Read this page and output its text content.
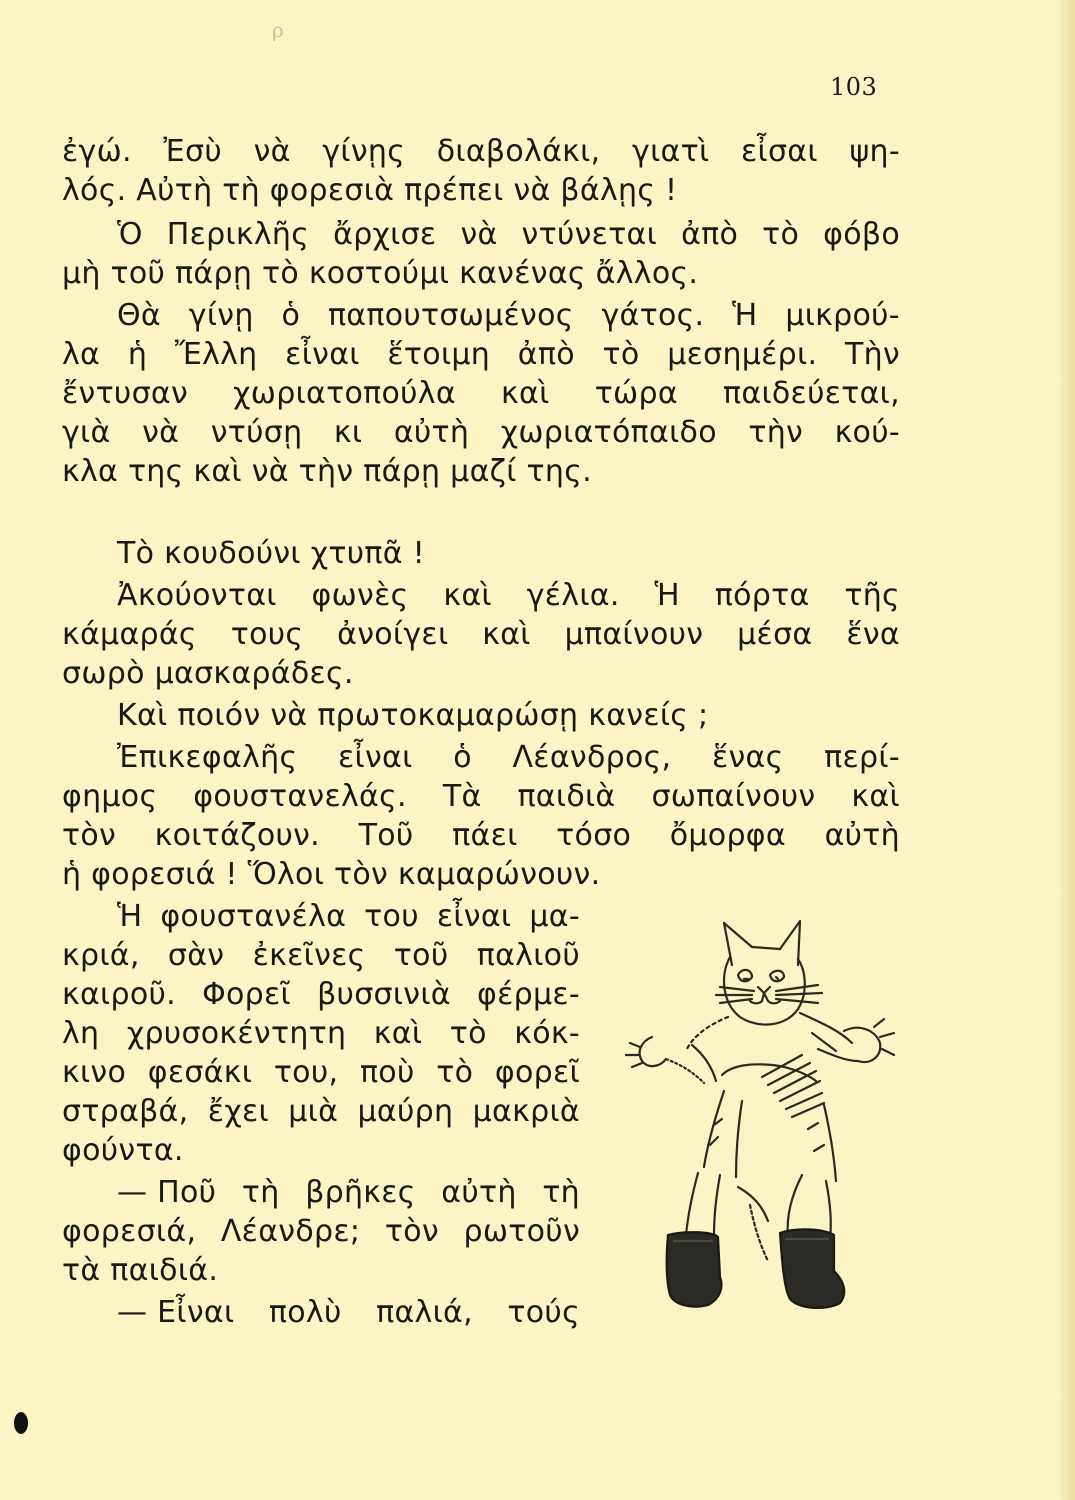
ρ
103
ἐγώ. Ἐσὺ νὰ γίνῃς διαβολάκι, γιατὶ εἶσαι ψη-
λός. Αὐτὴ τὴ φορεσιὰ πρέπει νὰ βάλῃς !
Ὁ Περικλῆς ἄρχισε νὰ ντύνεται ἀπὸ τὸ φόβο
μὴ τοῦ πάρῃ τὸ κοστούμι κανένας ἄλλος.
Θὰ γίνῃ ὁ παπουτσωμένος γάτος. Ἡ μικρού-
λα ἡ Ἔλλη εἶναι ἕτοιμη ἀπὸ τὸ μεσημέρι. Τὴν
ἔντυσαν χωριατοπούλα καὶ τώρα παιδεύεται,
γιὰ νὰ ντύσῃ κι αὐτὴ χωριατόπαιδο τὴν κού-
κλα της καὶ νὰ τὴν πάρῃ μαζί της.
Τὸ κουδούνι χτυπᾶ !
Ἀκούονται φωνὲς καὶ γέλια. Ἡ πόρτα τῆς
κάμαράς τους ἀνοίγει καὶ μπαίνουν μέσα ἕνα
σωρὸ μασκαράδες.
Καὶ ποιόν νὰ πρωτοκαμαρώσῃ κανείς ;
Ἐπικεφαλῆς εἶναι ὁ Λέανδρος, ἕνας περί-
φημος φουστανελάς. Τὰ παιδιὰ σωπαίνουν καὶ
τὸν κοιτάζουν. Τοῦ πάει τόσο ὄμορφα αὐτὴ
ἡ φορεσιά ! Ὅλοι τὸν καμαρώνουν.
Ἡ φουστανέλα του εἶναι μα-
κριά, σὰν ἐκεῖνες τοῦ παλιοῦ
καιροῦ. Φορεῖ βυσσινιὰ φέρμε-
λη χρυσοκέντητη καὶ τὸ κόκ-
κινο φεσάκι του, ποὺ τὸ φορεῖ
στραβά, ἔχει μιὰ μαύρη μακριὰ
φούντα.
— Ποῦ τὴ βρῆκες αὐτὴ τὴ
φορεσιά, Λέανδρε; τὸν ρωτοῦν
τὰ παιδιά.
— Εἶναι πολὺ παλιά, τούς
